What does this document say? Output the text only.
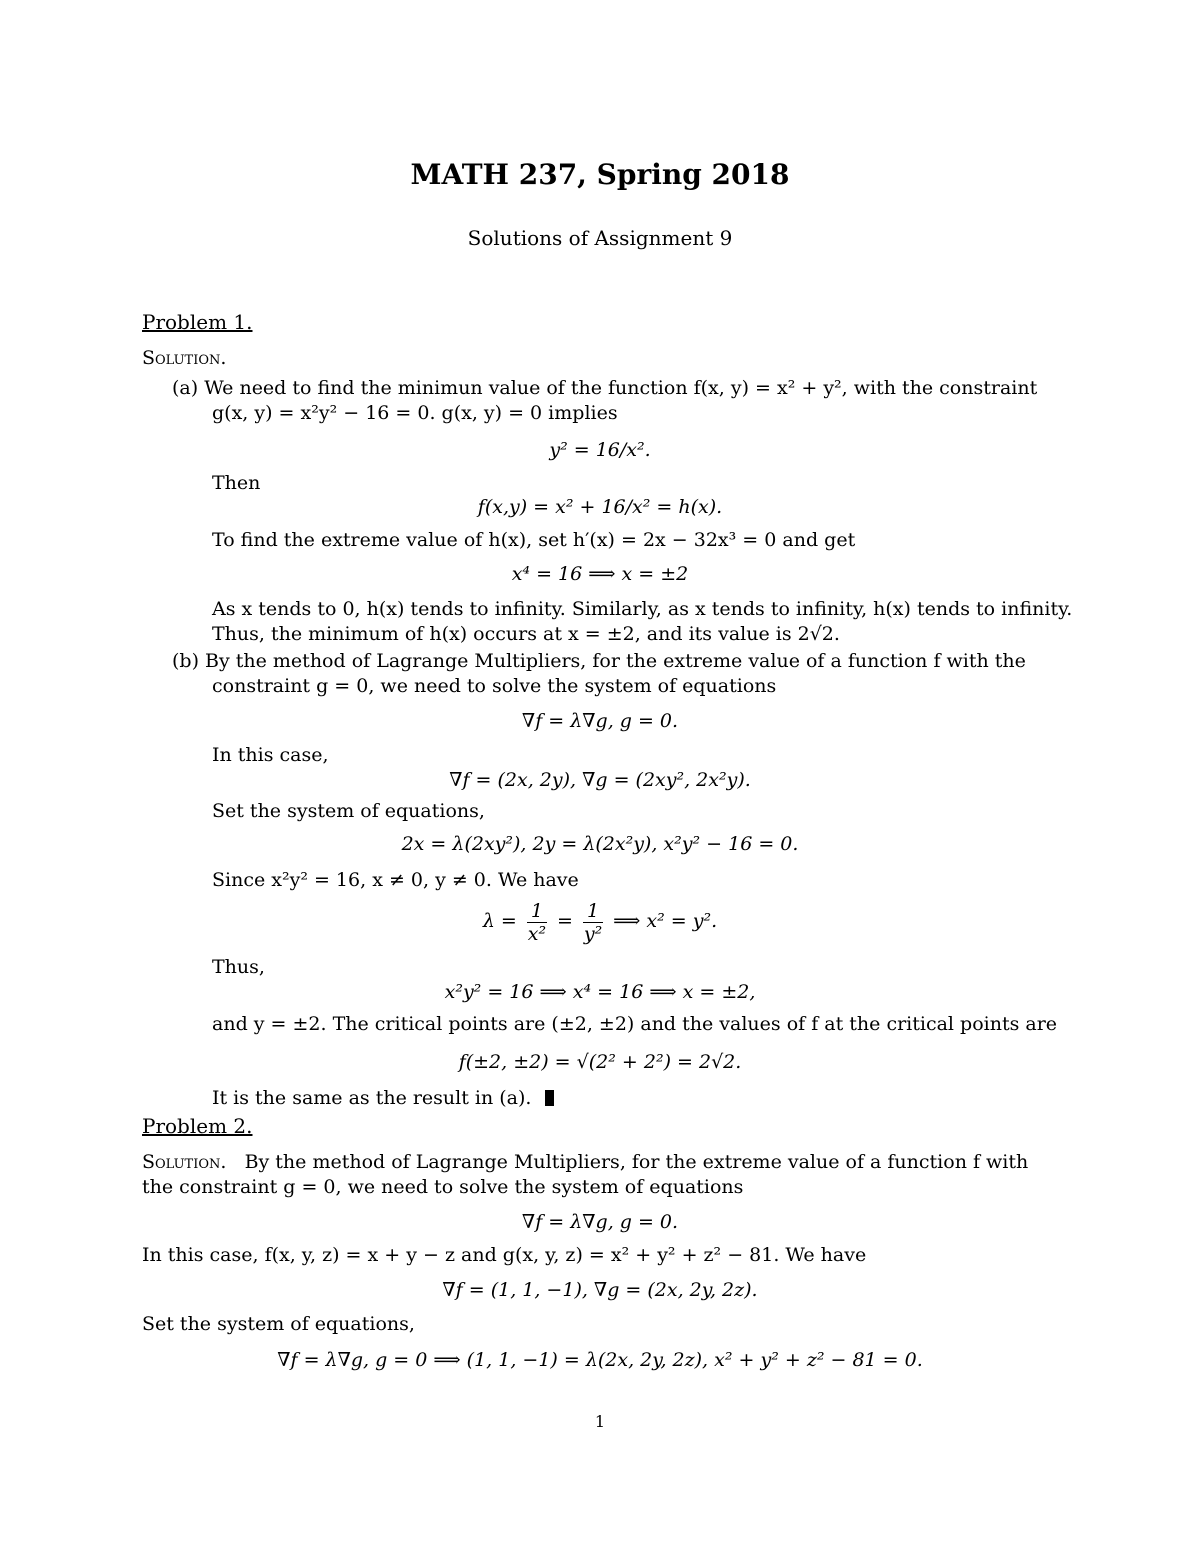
MATH 237, Spring 2018
Solutions of Assignment 9
Problem 1.
Solution.
(a) We need to find the minimun value of the function f(x, y) = x² + y², with the constraint
g(x, y) = x²y² − 16 = 0. g(x, y) = 0 implies
y² = 16/x².
Then
f(x,y) = x² + 16/x² = h(x).
To find the extreme value of h(x), set h′(x) = 2x − 32x³ = 0 and get
x⁴ = 16 ⟹ x = ±2
As x tends to 0, h(x) tends to infinity. Similarly, as x tends to infinity, h(x) tends to infinity.
Thus, the minimum of h(x) occurs at x = ±2, and its value is 2√2.
(b) By the method of Lagrange Multipliers, for the extreme value of a function f with the
constraint g = 0, we need to solve the system of equations
∇f = λ∇g, g = 0.
In this case,
∇f = (2x, 2y), ∇g = (2xy², 2x²y).
Set the system of equations,
2x = λ(2xy²), 2y = λ(2x²y), x²y² − 16 = 0.
Since x²y² = 16, x ≠ 0, y ≠ 0. We have
$\lambda = \frac{1}{\text{x²}} = \frac{1}{\text{y²}}$ ⟹ x² = y².
Thus,
x²y² = 16 ⟹ x⁴ = 16 ⟹ x = ±2,
and y = ±2. The critical points are (±2, ±2) and the values of f at the critical points are
f(±2, ±2) = √(2² + 2²) = 2√2.
It is the same as the result in (a).
Problem 2.
Solution. By the method of Lagrange Multipliers, for the extreme value of a function f with
the constraint g = 0, we need to solve the system of equations
∇f = λ∇g, g = 0.
In this case, f(x, y, z) = x + y − z and g(x, y, z) = x² + y² + z² − 81. We have
∇f = (1, 1, −1), ∇g = (2x, 2y, 2z).
Set the system of equations,
∇f = λ∇g, g = 0 ⟹ (1, 1, −1) = λ(2x, 2y, 2z), x² + y² + z² − 81 = 0.
1
